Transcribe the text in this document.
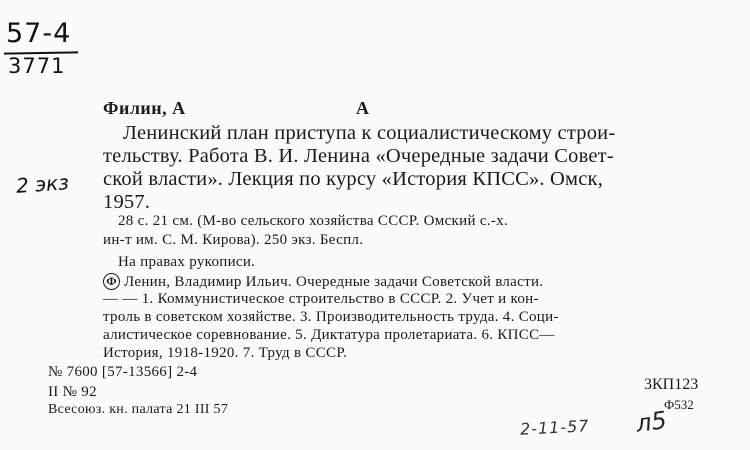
57-4
3771
2 экз
Филин, А	А
Ленинский план приступа к социалистическому строи-
тельству. Работа В. И. Ленина «Очередные задачи Совет-
ской власти». Лекция по курсу «История КПСС». Омск,
1957.
28 с. 21 см. (М-во сельского хозяйства СССР. Омский с.-х.
ин-т им. С. М. Кирова). 250 экз. Беспл.
На правах рукописи.
Ф Ленин, Владимир Ильич. Очередные задачи Советской власти.
— — 1. Коммунистическое строительство в СССР. 2. Учет и кон-
троль в советском хозяйстве. 3. Производительность труда. 4. Соци-
алистическое соревнование. 5. Диктатура пролетариата. 6. КПСС—
История, 1918-1920. 7. Труд в СССР.
№ 7600 [57-13566] 2-4
II № 92
Всесоюз. кн. палата 21 III 57
3КП123
Ф532
2-11-57 л5
